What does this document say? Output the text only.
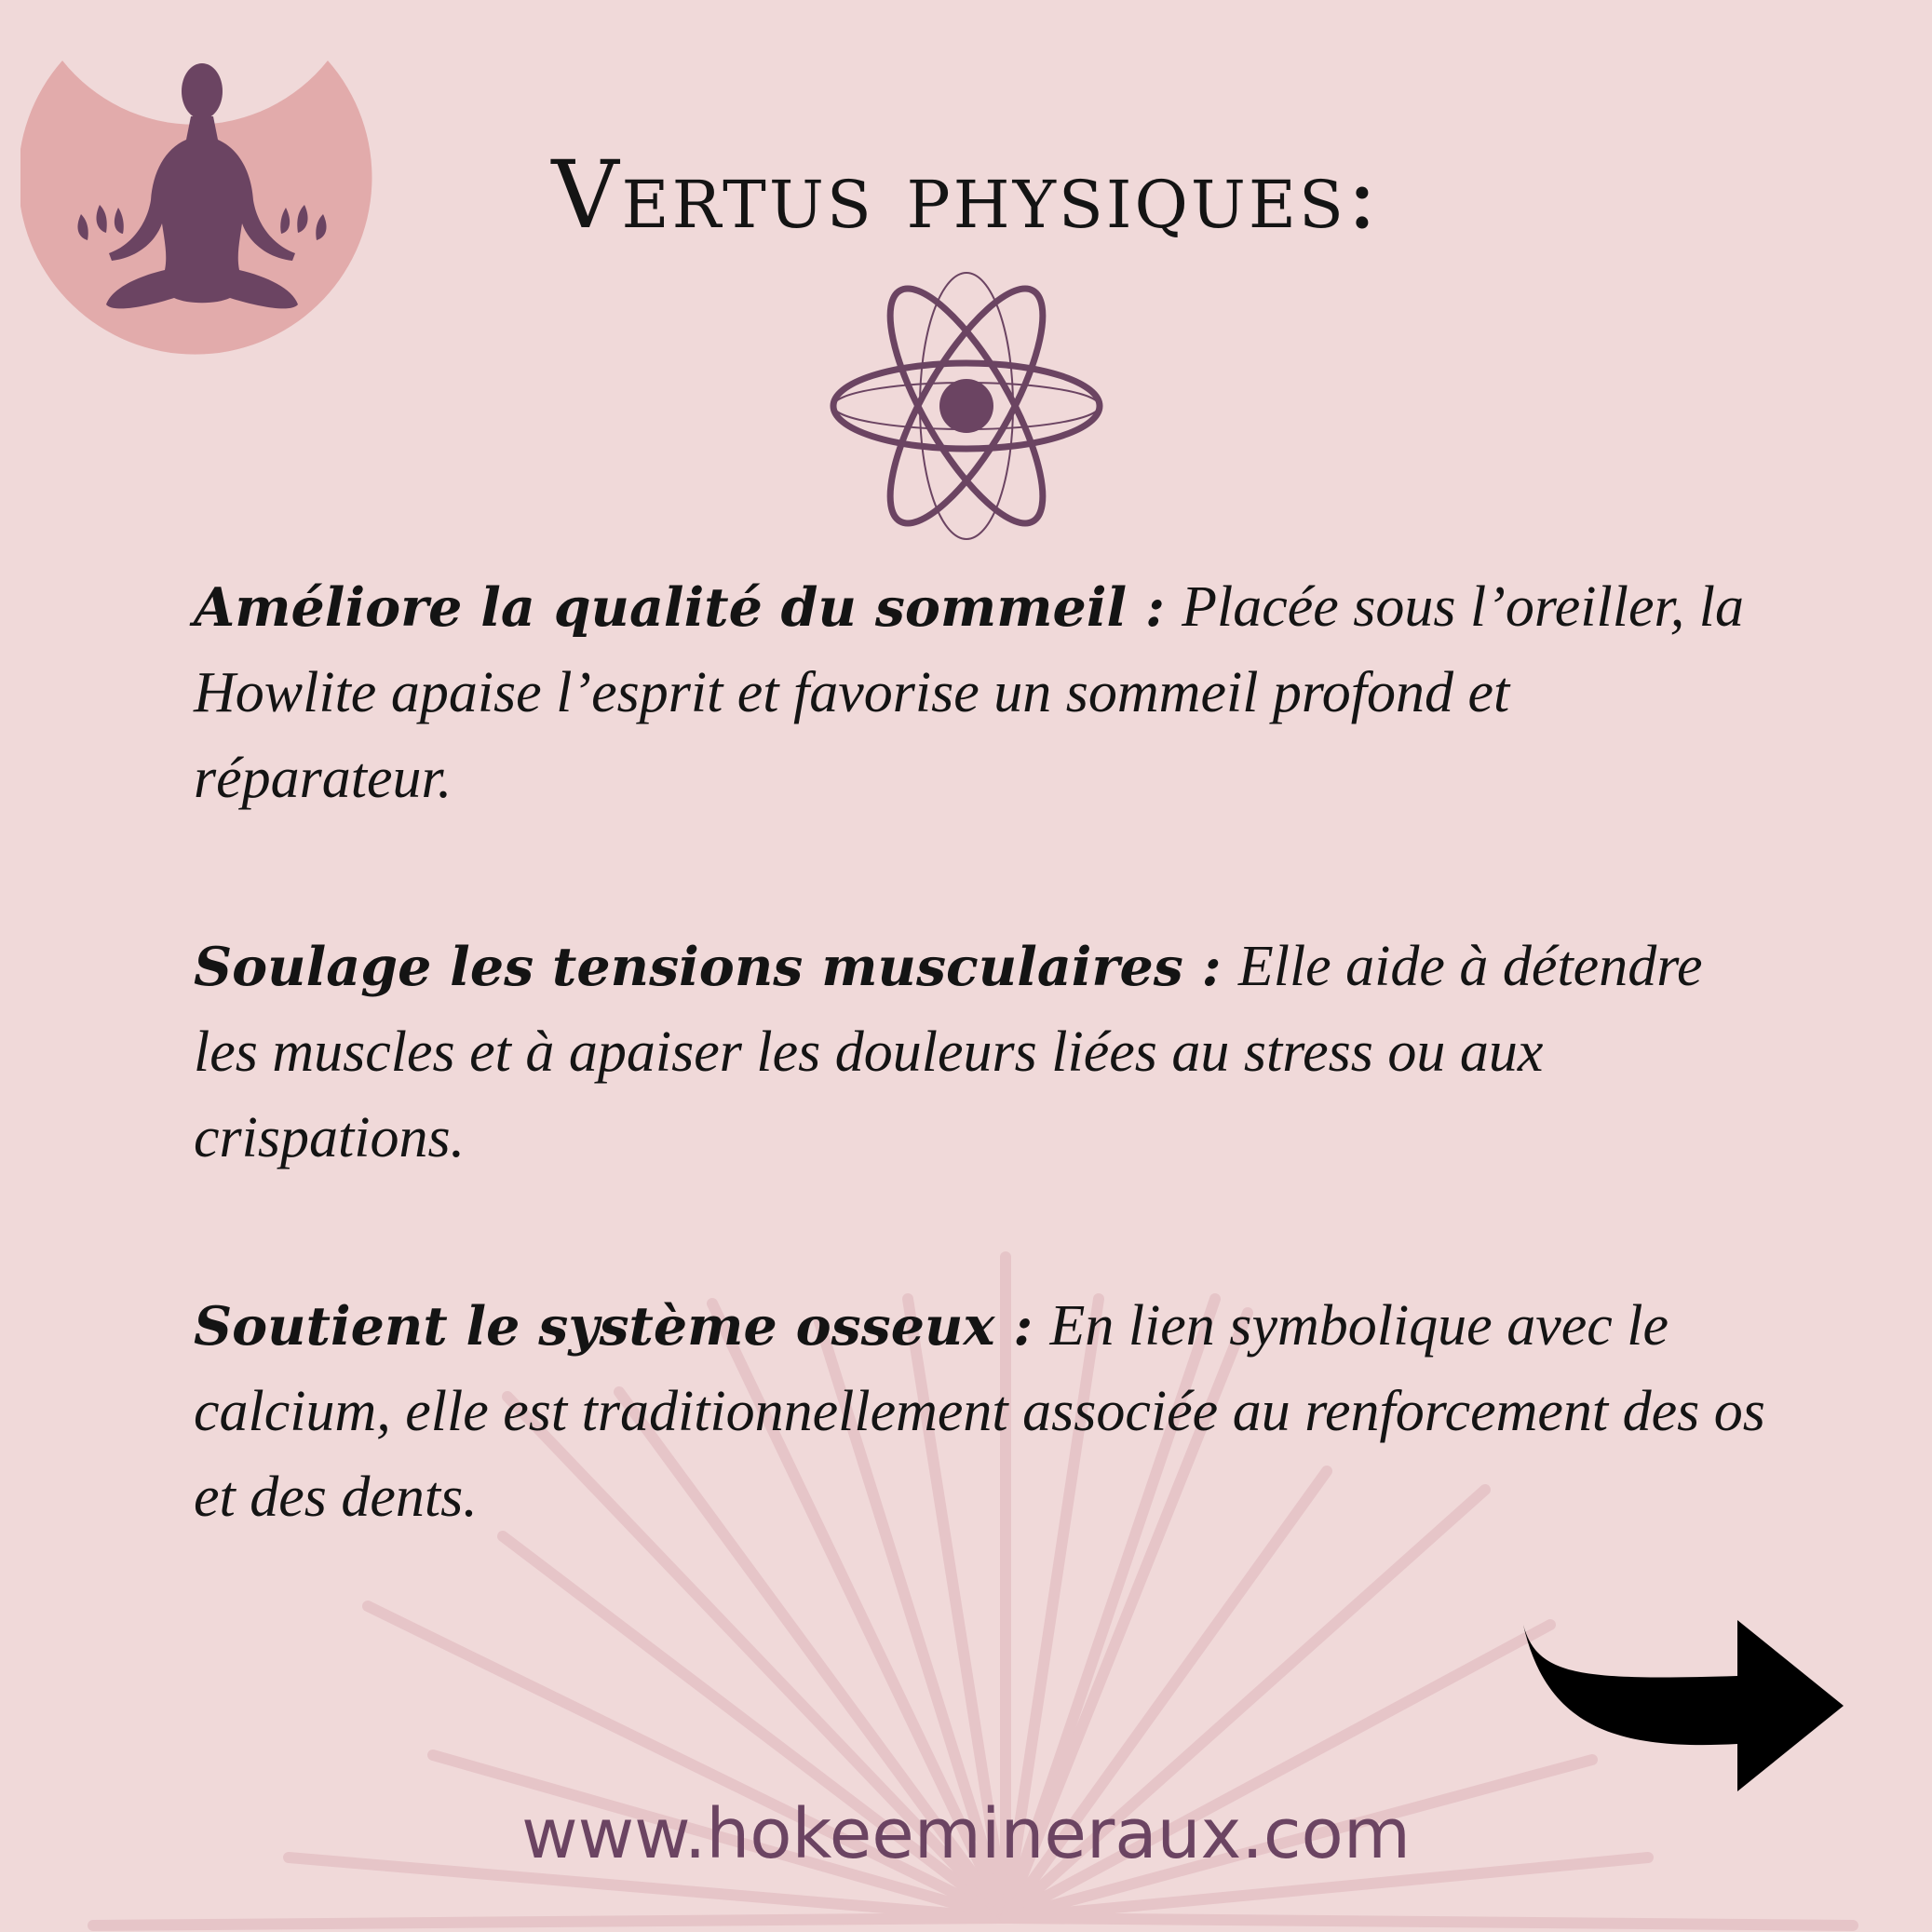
Vertus physiques:

Améliore la qualité du sommeil : Placée sous l’oreiller, la Howlite apaise l’esprit et favorise un sommeil profond et réparateur.

Soulage les tensions musculaires : Elle aide à détendre les muscles et à apaiser les douleurs liées au stress ou aux crispations.

Soutient le système osseux : En lien symbolique avec le calcium, elle est traditionnellement associée au renforcement des os et des dents.

www.hokeemineraux.com
